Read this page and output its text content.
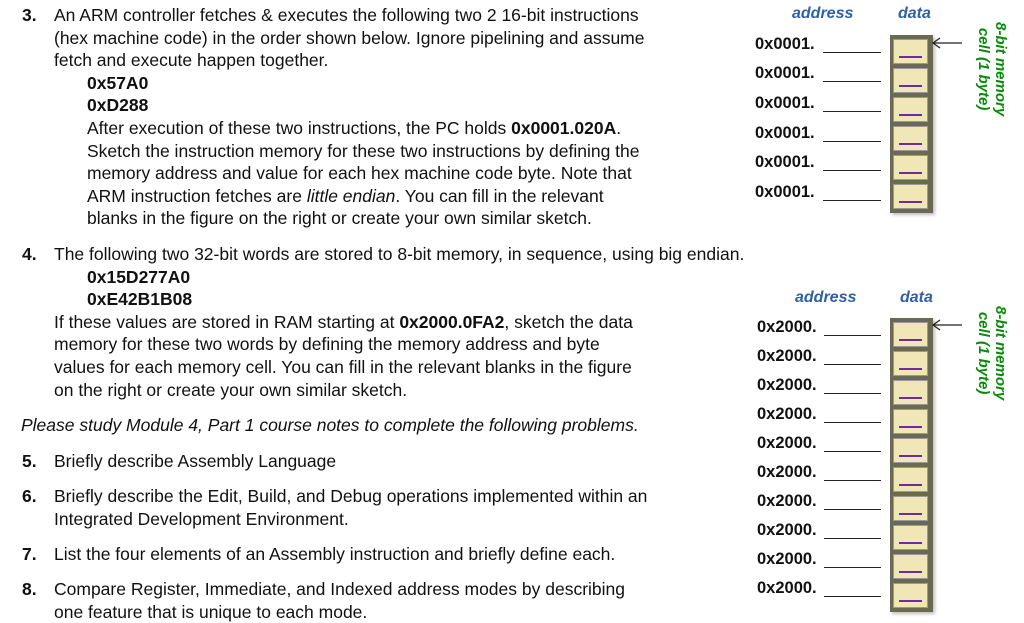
3. An ARM controller fetches & executes the following two 2 16-bit instructions
(hex machine code) in the order shown below. Ignore pipelining and assume
fetch and execute happen together.
0x57A0
0xD288
After execution of these two instructions, the PC holds 0x0001.020A.
Sketch the instruction memory for these two instructions by defining the
memory address and value for each hex machine code byte. Note that
ARM instruction fetches are little endian. You can fill in the relevant
blanks in the figure on the right or create your own similar sketch.
4. The following two 32-bit words are stored to 8-bit memory, in sequence, using big endian.
0x15D277A0
0xE42B1B08
If these values are stored in RAM starting at 0x2000.0FA2, sketch the data
memory for these two words by defining the memory address and byte
values for each memory cell. You can fill in the relevant blanks in the figure
on the right or create your own similar sketch.
Please study Module 4, Part 1 course notes to complete the following problems.
5. Briefly describe Assembly Language
6. Briefly describe the Edit, Build, and Debug operations implemented within an
Integrated Development Environment.
7. List the four elements of an Assembly instruction and briefly define each.
8. Compare Register, Immediate, and Indexed address modes by describing
one feature that is unique to each mode.
address	data
0x0001.
0x0001.
0x0001.
0x0001.
0x0001.
0x0001.
8-bit memory
cell (1 byte)
address	data
0x2000.
0x2000.
0x2000.
0x2000.
0x2000.
0x2000.
0x2000.
0x2000.
0x2000.
0x2000.
8-bit memory
cell (1 byte)
